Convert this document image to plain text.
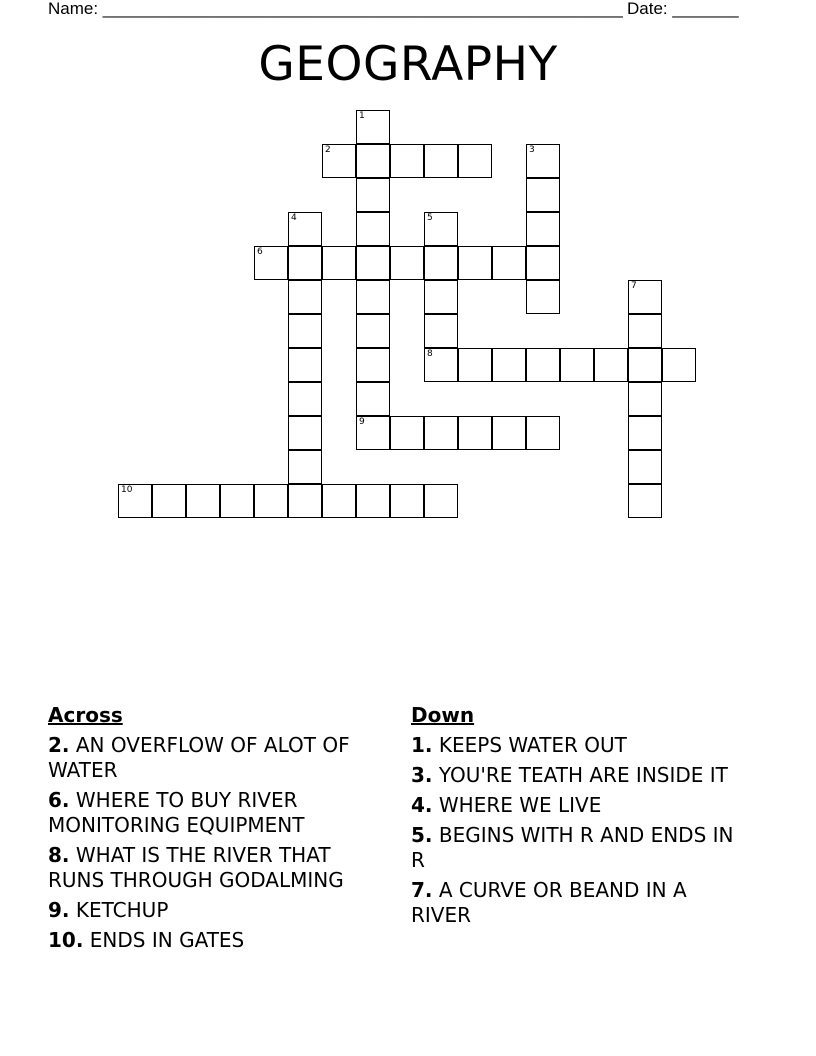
Name: _______________________________________________________ Date: _______
GEOGRAPHY
2
6
8
9
10
1
3
4	5
7
Across
2. AN OVERFLOW OF ALOT OF WATER
6. WHERE TO BUY RIVER MONITORING EQUIPMENT
8. WHAT IS THE RIVER THAT RUNS THROUGH GODALMING
9. KETCHUP
10. ENDS IN GATES
Down
1. KEEPS WATER OUT
3. YOU'RE TEATH ARE INSIDE IT
4. WHERE WE LIVE
5. BEGINS WITH R AND ENDS IN R
7. A CURVE OR BEAND IN A RIVER
